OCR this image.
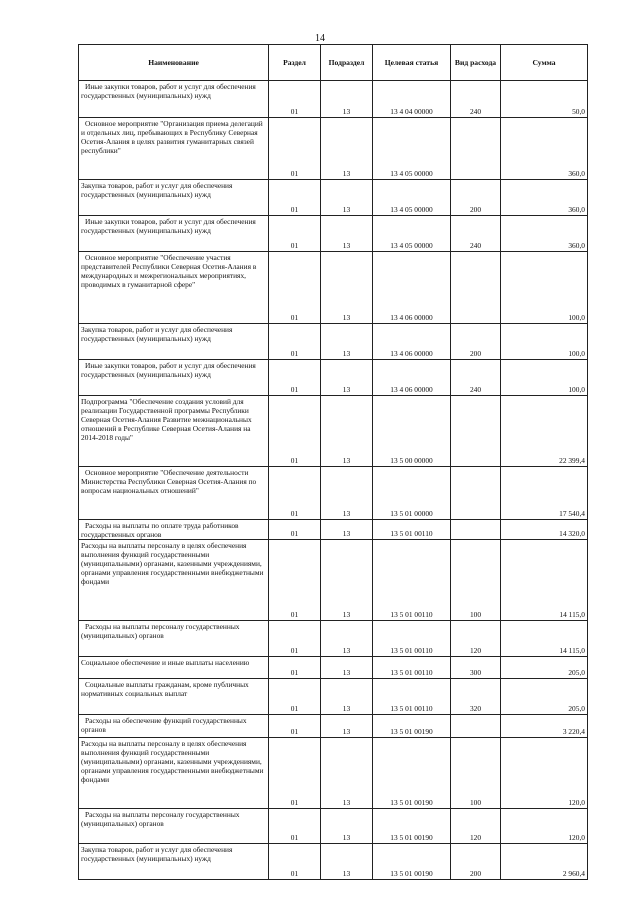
14
Наименование	Раздел	Подраздел	Целевая статья	Вид расхода	Сумма
Иные закупки товаров, работ и услуг для обеспечения государственных (муниципальных) нужд	01	13	13 4 04 00000	240	50,0
Основное мероприятие "Организация приема делегаций и отдельных лиц, пребывающих в Республику Северная Осетия-Алания в целях развития гуманитарных связей республики"	01	13	13 4 05 00000		360,0
Закупка товаров, работ и услуг для обеспечения государственных (муниципальных) нужд	01	13	13 4 05 00000	200	360,0
Иные закупки товаров, работ и услуг для обеспечения государственных (муниципальных) нужд	01	13	13 4 05 00000	240	360,0
Основное мероприятие "Обеспечение участия представителей Республики Северная Осетия-Алания в международных и межрегиональных мероприятиях, проводимых в гуманитарной сфере"	01	13	13 4 06 00000		100,0
Закупка товаров, работ и услуг для обеспечения государственных (муниципальных) нужд	01	13	13 4 06 00000	200	100,0
Иные закупки товаров, работ и услуг для обеспечения государственных (муниципальных) нужд	01	13	13 4 06 00000	240	100,0
Подпрограмма "Обеспечение создания условий для реализации Государственной программы Республики Северная Осетия-Алания Развитие межнациональных отношений в Республике Северная Осетия-Алания на 2014-2018 годы"	01	13	13 5 00 00000		22 399,4
Основное мероприятие "Обеспечение деятельности Министерства Республики Северная Осетия-Алания по вопросам национальных отношений"	01	13	13 5 01 00000		17 540,4
Расходы на выплаты по оплате труда работников государственных органов	01	13	13 5 01 00110		14 320,0
Расходы на выплаты персоналу в целях обеспечения выполнения функций государственными (муниципальными) органами, казенными учреждениями, органами управления государственными внебюджетными фондами	01	13	13 5 01 00110	100	14 115,0
Расходы на выплаты персоналу государственных (муниципальных) органов	01	13	13 5 01 00110	120	14 115,0
Социальное обеспечение и иные выплаты населению	01	13	13 5 01 00110	300	205,0
Социальные выплаты гражданам, кроме публичных нормативных социальных выплат	01	13	13 5 01 00110	320	205,0
Расходы на обеспечение функций государственных органов	01	13	13 5 01 00190		3 220,4
Расходы на выплаты персоналу в целях обеспечения выполнения функций государственными (муниципальными) органами, казенными учреждениями, органами управления государственными внебюджетными фондами	01	13	13 5 01 00190	100	120,0
Расходы на выплаты персоналу государственных (муниципальных) органов	01	13	13 5 01 00190	120	120,0
Закупка товаров, работ и услуг для обеспечения государственных (муниципальных) нужд	01	13	13 5 01 00190	200	2 960,4
